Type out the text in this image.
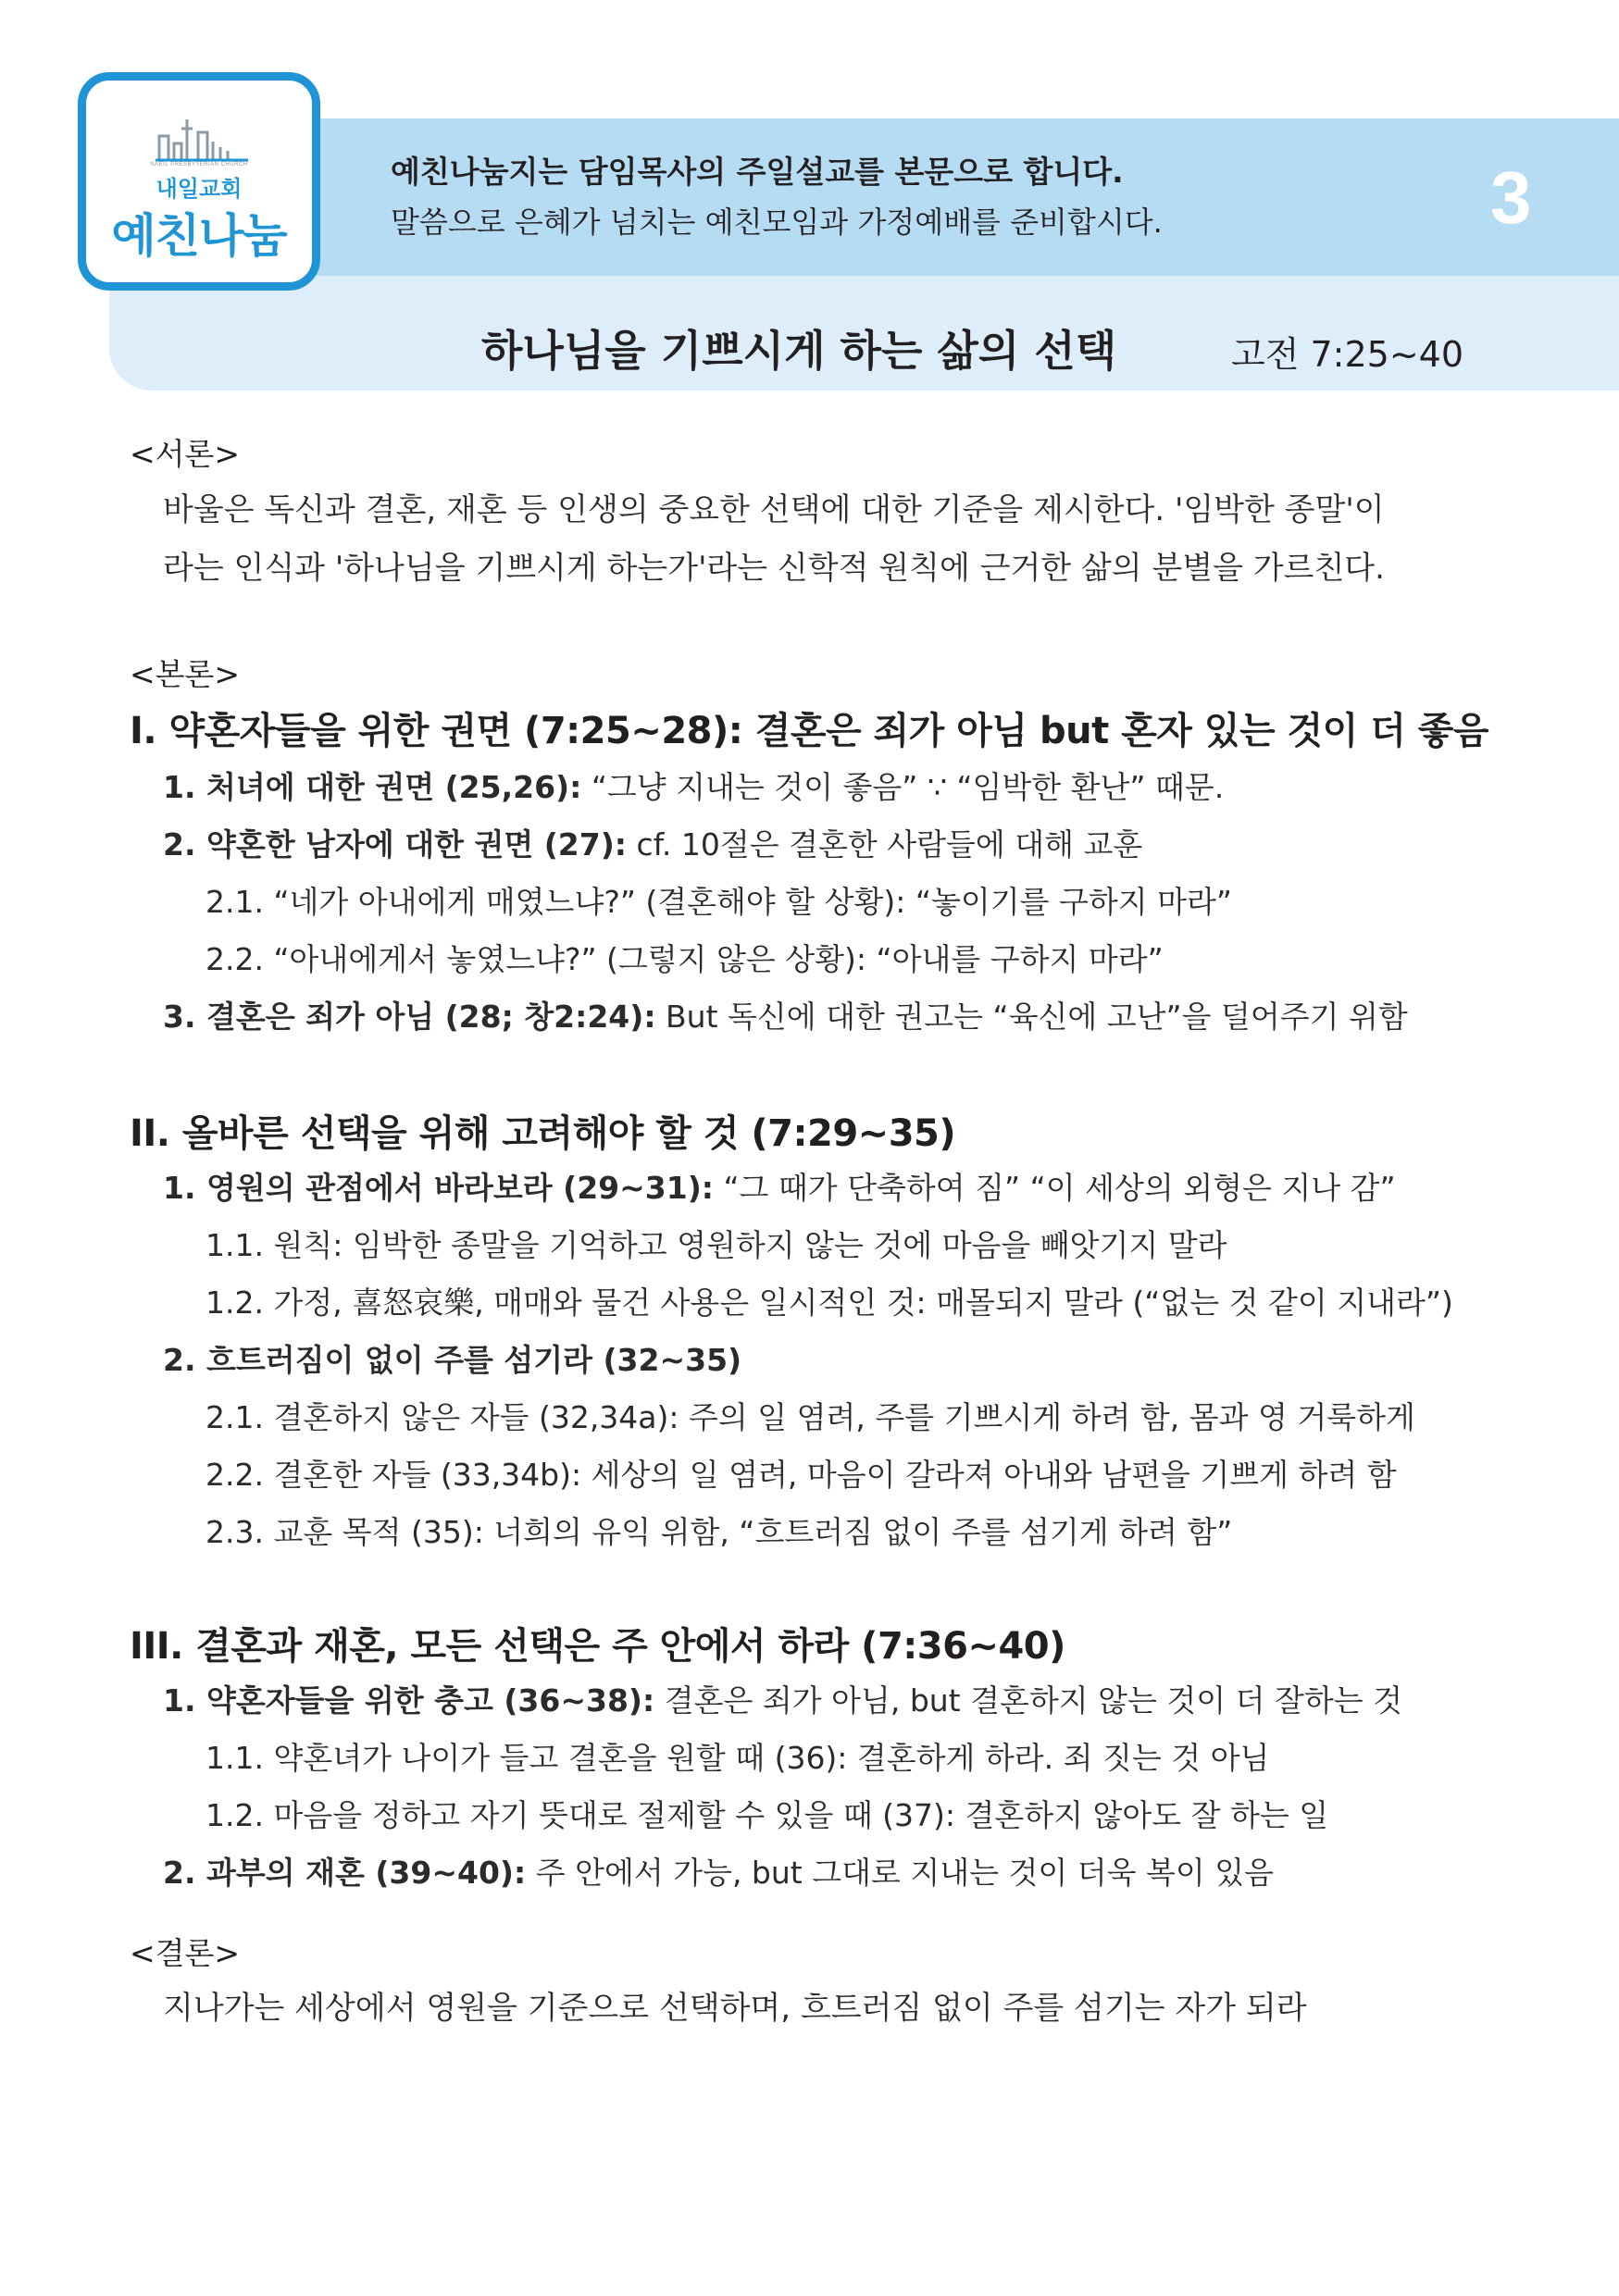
NAEIL PRESBYTERIAN CHURCH
내일교회
예친나눔
예친나눔지는 담임목사의 주일설교를 본문으로 합니다.
말씀으로 은혜가 넘치는 예친모임과 가정예배를 준비합시다.	3
하나님을 기쁘시게 하는 삶의 선택	고전 7:25~40
<서론>
바울은 독신과 결혼, 재혼 등 인생의 중요한 선택에 대한 기준을 제시한다. '임박한 종말'이
라는 인식과 '하나님을 기쁘시게 하는가'라는 신학적 원칙에 근거한 삶의 분별을 가르친다.
<본론>
I. 약혼자들을 위한 권면 (7:25~28): 결혼은 죄가 아님 but 혼자 있는 것이 더 좋음
1. 처녀에 대한 권면 (25,26): “그냥 지내는 것이 좋음” ∵ “임박한 환난” 때문.
2. 약혼한 남자에 대한 권면 (27): cf. 10절은 결혼한 사람들에 대해 교훈
2.1. “네가 아내에게 매였느냐?” (결혼해야 할 상황): “놓이기를 구하지 마라”
2.2. “아내에게서 놓였느냐?” (그렇지 않은 상황): “아내를 구하지 마라”
3. 결혼은 죄가 아님 (28; 창2:24): But 독신에 대한 권고는 “육신에 고난”을 덜어주기 위함
II. 올바른 선택을 위해 고려해야 할 것 (7:29~35)
1. 영원의 관점에서 바라보라 (29~31): “그 때가 단축하여 짐” “이 세상의 외형은 지나 감”
1.1. 원칙: 임박한 종말을 기억하고 영원하지 않는 것에 마음을 빼앗기지 말라
1.2. 가정, 喜怒哀樂, 매매와 물건 사용은 일시적인 것: 매몰되지 말라 (“없는 것 같이 지내라”)
2. 흐트러짐이 없이 주를 섬기라 (32~35)
2.1. 결혼하지 않은 자들 (32,34a): 주의 일 염려, 주를 기쁘시게 하려 함, 몸과 영 거룩하게
2.2. 결혼한 자들 (33,34b): 세상의 일 염려, 마음이 갈라져 아내와 남편을 기쁘게 하려 함
2.3. 교훈 목적 (35): 너희의 유익 위함, “흐트러짐 없이 주를 섬기게 하려 함”
III. 결혼과 재혼, 모든 선택은 주 안에서 하라 (7:36~40)
1. 약혼자들을 위한 충고 (36~38): 결혼은 죄가 아님, but 결혼하지 않는 것이 더 잘하는 것
1.1. 약혼녀가 나이가 들고 결혼을 원할 때 (36): 결혼하게 하라. 죄 짓는 것 아님
1.2. 마음을 정하고 자기 뜻대로 절제할 수 있을 때 (37): 결혼하지 않아도 잘 하는 일
2. 과부의 재혼 (39~40): 주 안에서 가능, but 그대로 지내는 것이 더욱 복이 있음
<결론>
지나가는 세상에서 영원을 기준으로 선택하며, 흐트러짐 없이 주를 섬기는 자가 되라
